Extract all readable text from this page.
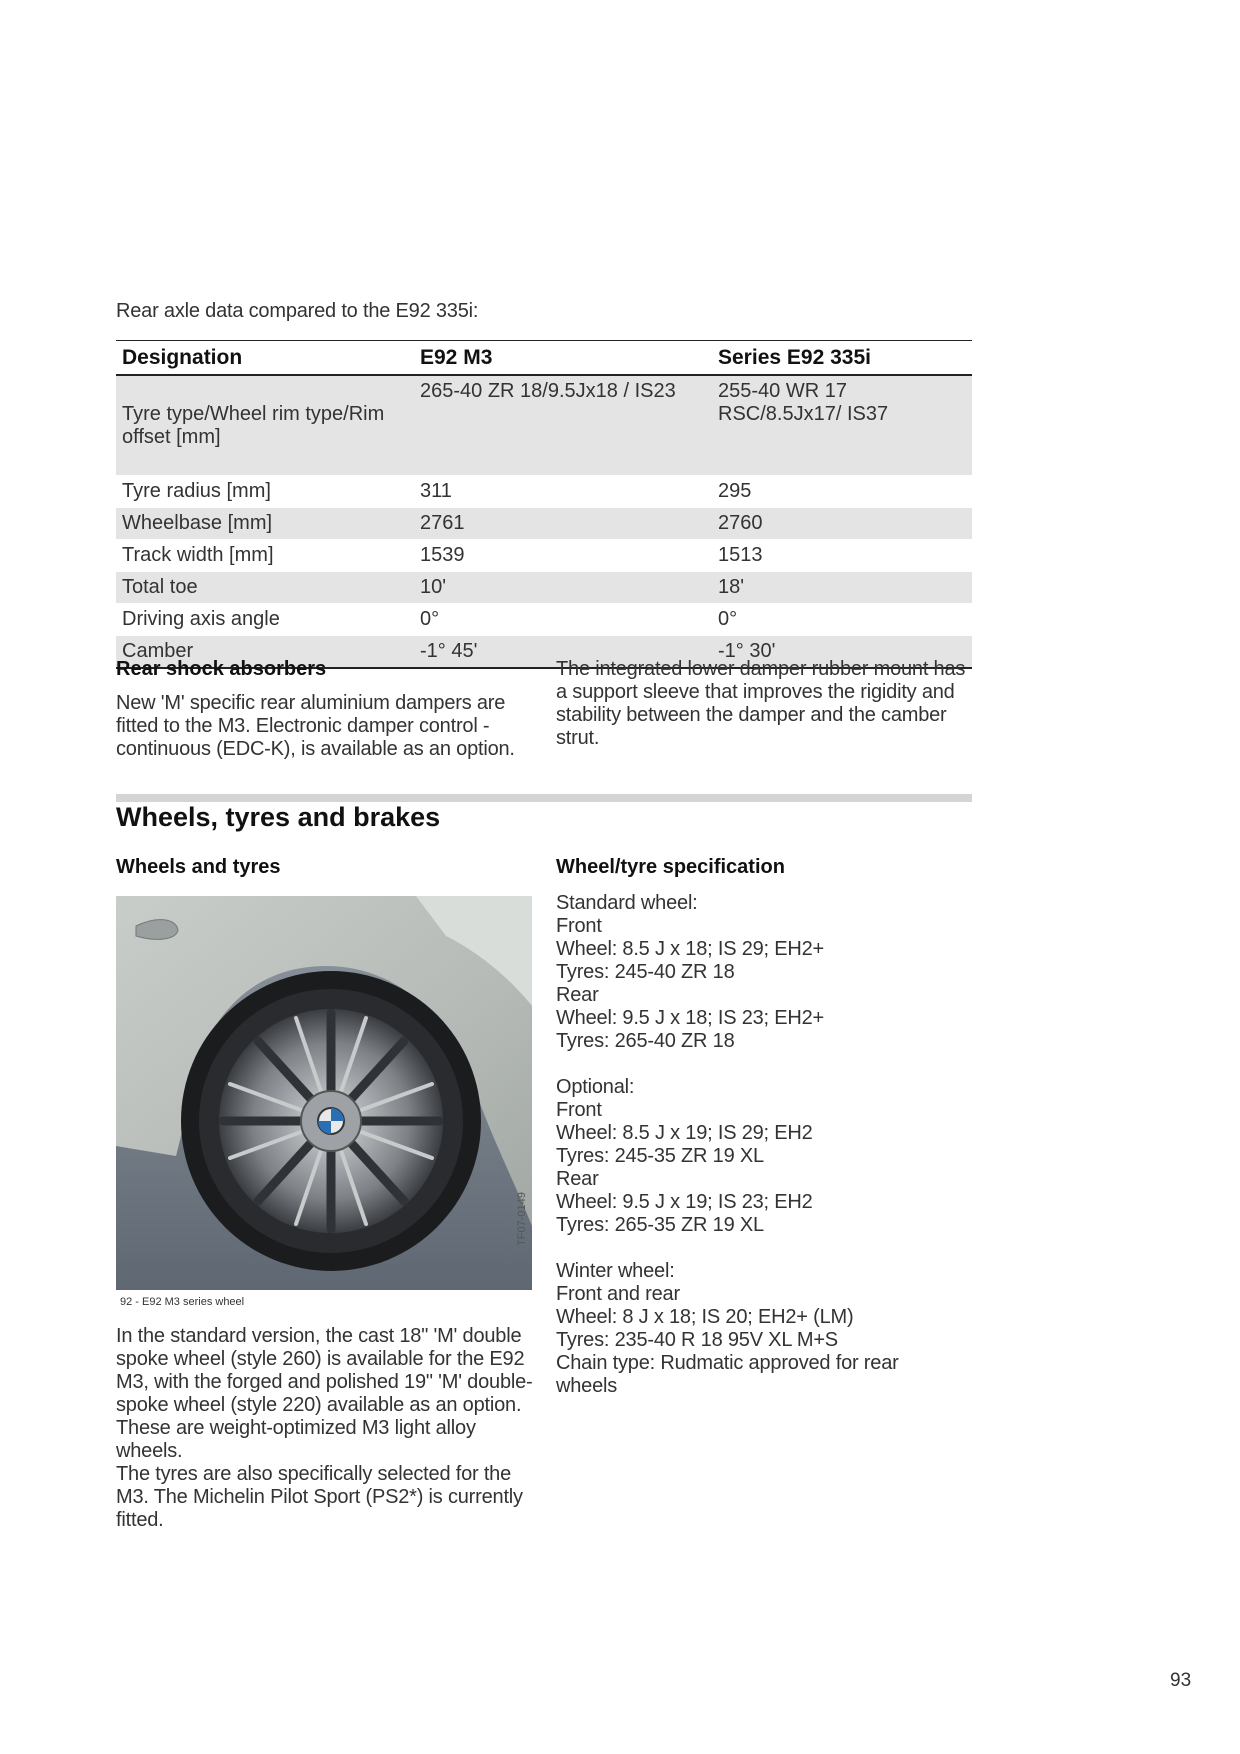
Rear axle data compared to the E92 335i:
Designation	E92 M3	Series E92 335i
Tyre type/Wheel rim type/Rim offset [mm]	265-40 ZR 18/9.5Jx18 / IS23	255-40 WR 17 RSC/8.5Jx17/ IS37
Tyre radius [mm]	311	295
Wheelbase [mm]	2761	2760
Track width [mm]	1539	1513
Total toe	10'	18'
Driving axis angle	0°	0°
Camber	-1° 45'	-1° 30'
Rear shock absorbers
New 'M' specific rear aluminium dampers are fitted to the M3. Electronic damper control - continuous (EDC-K), is available as an option.
The integrated lower damper rubber mount has a support sleeve that improves the rigidity and stability between the damper and the camber strut.
Wheels, tyres and brakes
Wheels and tyres	Wheel/tyre specification
TF07-0149
92 - E92 M3 series wheel
In the standard version, the cast 18" 'M' double spoke wheel (style 260) is available for the E92 M3, with the forged and polished 19" 'M' double-spoke wheel (style 220) available as an option. These are weight-optimized M3 light alloy wheels.
The tyres are also specifically selected for the M3. The Michelin Pilot Sport (PS2*) is currently fitted.
Standard wheel:
Front
Wheel: 8.5 J x 18; IS 29; EH2+
Tyres: 245-40 ZR 18
Rear
Wheel: 9.5 J x 18; IS 23; EH2+
Tyres: 265-40 ZR 18
Optional:
Front
Wheel: 8.5 J x 19; IS 29; EH2
Tyres: 245-35 ZR 19 XL
Rear
Wheel: 9.5 J x 19; IS 23; EH2
Tyres: 265-35 ZR 19 XL
Winter wheel:
Front and rear
Wheel: 8 J x 18; IS 20; EH2+ (LM)
Tyres: 235-40 R 18 95V XL M+S
Chain type: Rudmatic approved for rear
wheels
93
